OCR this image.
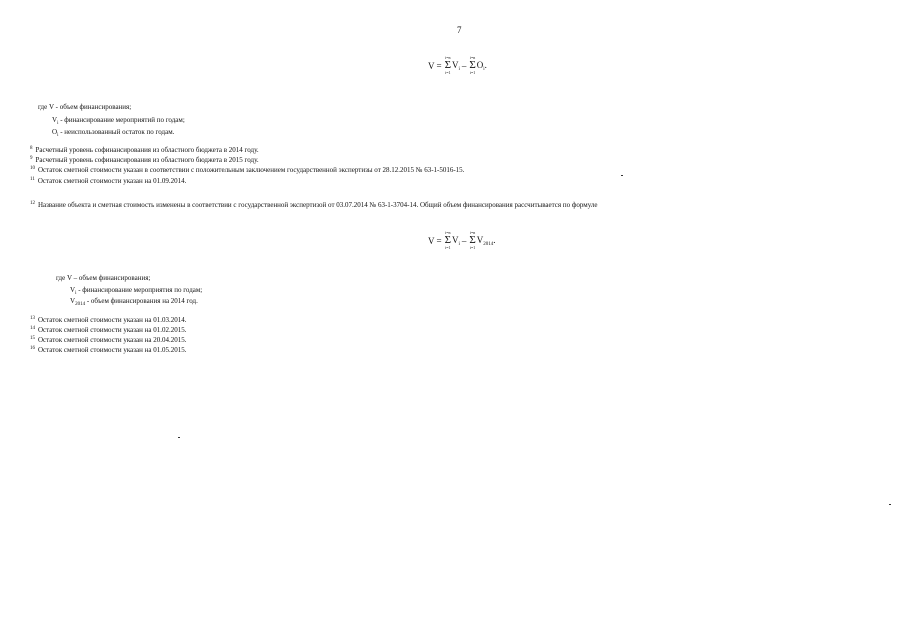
7
V =
i=n
Σ
i=1
$V_i$ –
i=n
Σ
i=1
$O_i$.
где V - объем финансирования;
$V_i$ - финансирование мероприятий по годам;
$O_i$ - неиспользованный остаток по годам.
$^8$ Расчетный уровень софинансирования из областного бюджета в 2014 году.
$^9$ Расчетный уровень софинансирования из областного бюджета в 2015 году.
$^{10}$ Остаток сметной стоимости указан в соответствии с положительным заключением государственной экспертизы от 28.12.2015 № 63-1-5016-15.
$^{11}$ Остаток сметной стоимости указан на 01.09.2014.
$^{12}$ Название объекта и сметная стоимость изменены в соответствии с государственной экспертизой от 03.07.2014 № 63-1-3704-14. Общий объем финансирования рассчитывается по формуле
V =
i=n
Σ
i=1
$V_i$ –
i=n
Σ
i=1
$V_{2014}$.
где V – объем финансирования;
$V_i$ - финансирование мероприятия по годам;
$V_{2014}$ - объем финансирования на 2014 год.
$^{13}$ Остаток сметной стоимости указан на 01.03.2014.
$^{14}$ Остаток сметной стоимости указан на 01.02.2015.
$^{15}$ Остаток сметной стоимости указан на 20.04.2015.
$^{16}$ Остаток сметной стоимости указан на 01.05.2015.
